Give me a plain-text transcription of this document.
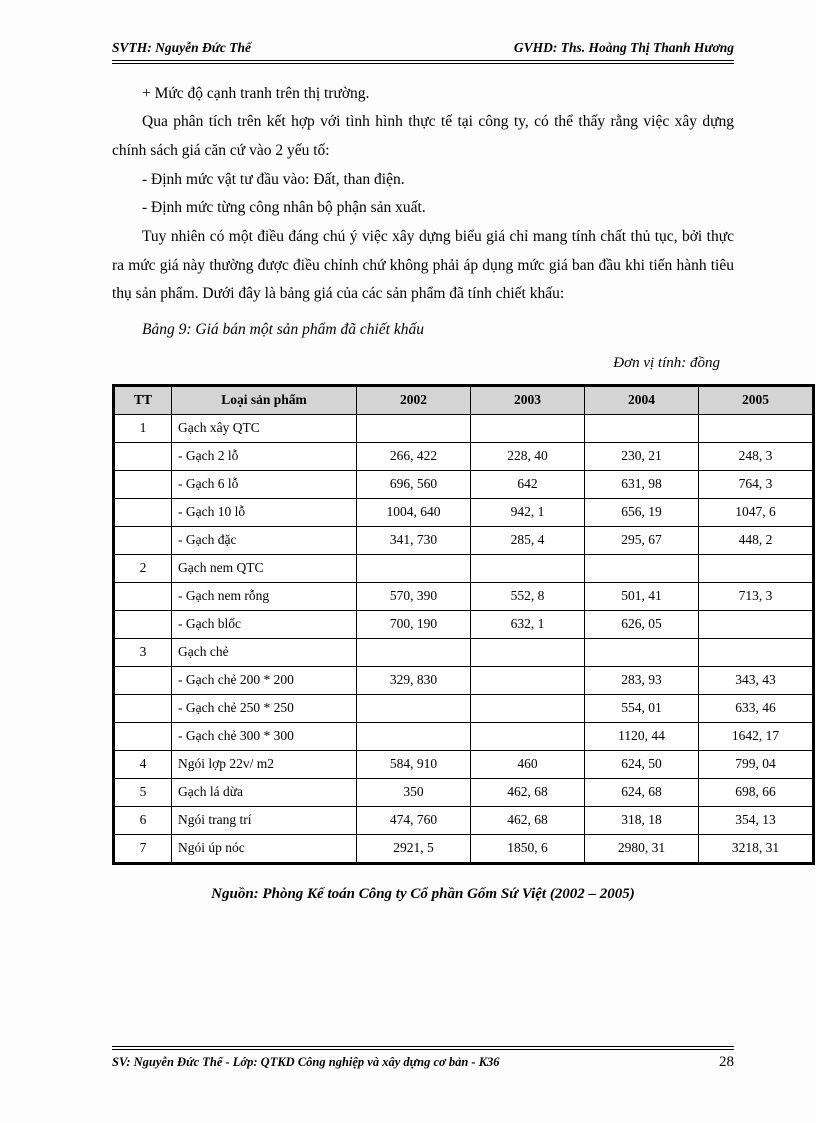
SVTH: Nguyễn Đức Thế	GVHD: Ths. Hoàng Thị Thanh Hương

+ Mức độ cạnh tranh trên thị trường.

Qua phân tích trên kết hợp với tình hình thực tế tại công ty, có thể thấy rằng việc xây dựng chính sách giá căn cứ vào 2 yếu tố:

- Định mức vật tư đầu vào: Đất, than điện.

- Định mức từng công nhân bộ phận sản xuất.

Tuy nhiên có một điều đáng chú ý việc xây dựng biểu giá chỉ mang tính chất thủ tục, bởi thực ra mức giá này thường được điều chỉnh chứ không phải áp dụng mức giá ban đầu khi tiến hành tiêu thụ sản phẩm. Dưới đây là bảng giá của các sản phẩm đã tính chiết khấu:

Bảng 9: Giá bán một sản phẩm đã chiết khấu

Đơn vị tính: đồng

TT	Loại sản phẩm	2002	2003	2004	2005
1	Gạch xây QTC				
	- Gạch 2 lỗ	266, 422	228, 40	230, 21	248, 3
	- Gạch 6 lỗ	696, 560	642	631, 98	764, 3
	- Gạch 10 lỗ	1004, 640	942, 1	656, 19	1047, 6
	- Gạch đặc	341, 730	285, 4	295, 67	448, 2
2	Gạch nem QTC				
	- Gạch nem rỗng	570, 390	552, 8	501, 41	713, 3
	- Gạch blốc	700, 190	632, 1	626, 05	
3	Gạch chẻ				
	- Gạch chẻ 200 * 200	329, 830		283, 93	343, 43
	- Gạch chẻ 250 * 250			554, 01	633, 46
	- Gạch chẻ 300 * 300			1120, 44	1642, 17
4	Ngói lợp 22v/ m2	584, 910	460	624, 50	799, 04
5	Gạch lá dừa	350	462, 68	624, 68	698, 66
6	Ngói trang trí	474, 760	462, 68	318, 18	354, 13
7	Ngói úp nóc	2921, 5	1850, 6	2980, 31	3218, 31

Nguồn: Phòng Kế toán Công ty Cổ phần Gốm Sứ Việt (2002 – 2005)

SV: Nguyễn Đức Thế - Lớp: QTKD Công nghiệp và xây dựng cơ bản - K36	28
